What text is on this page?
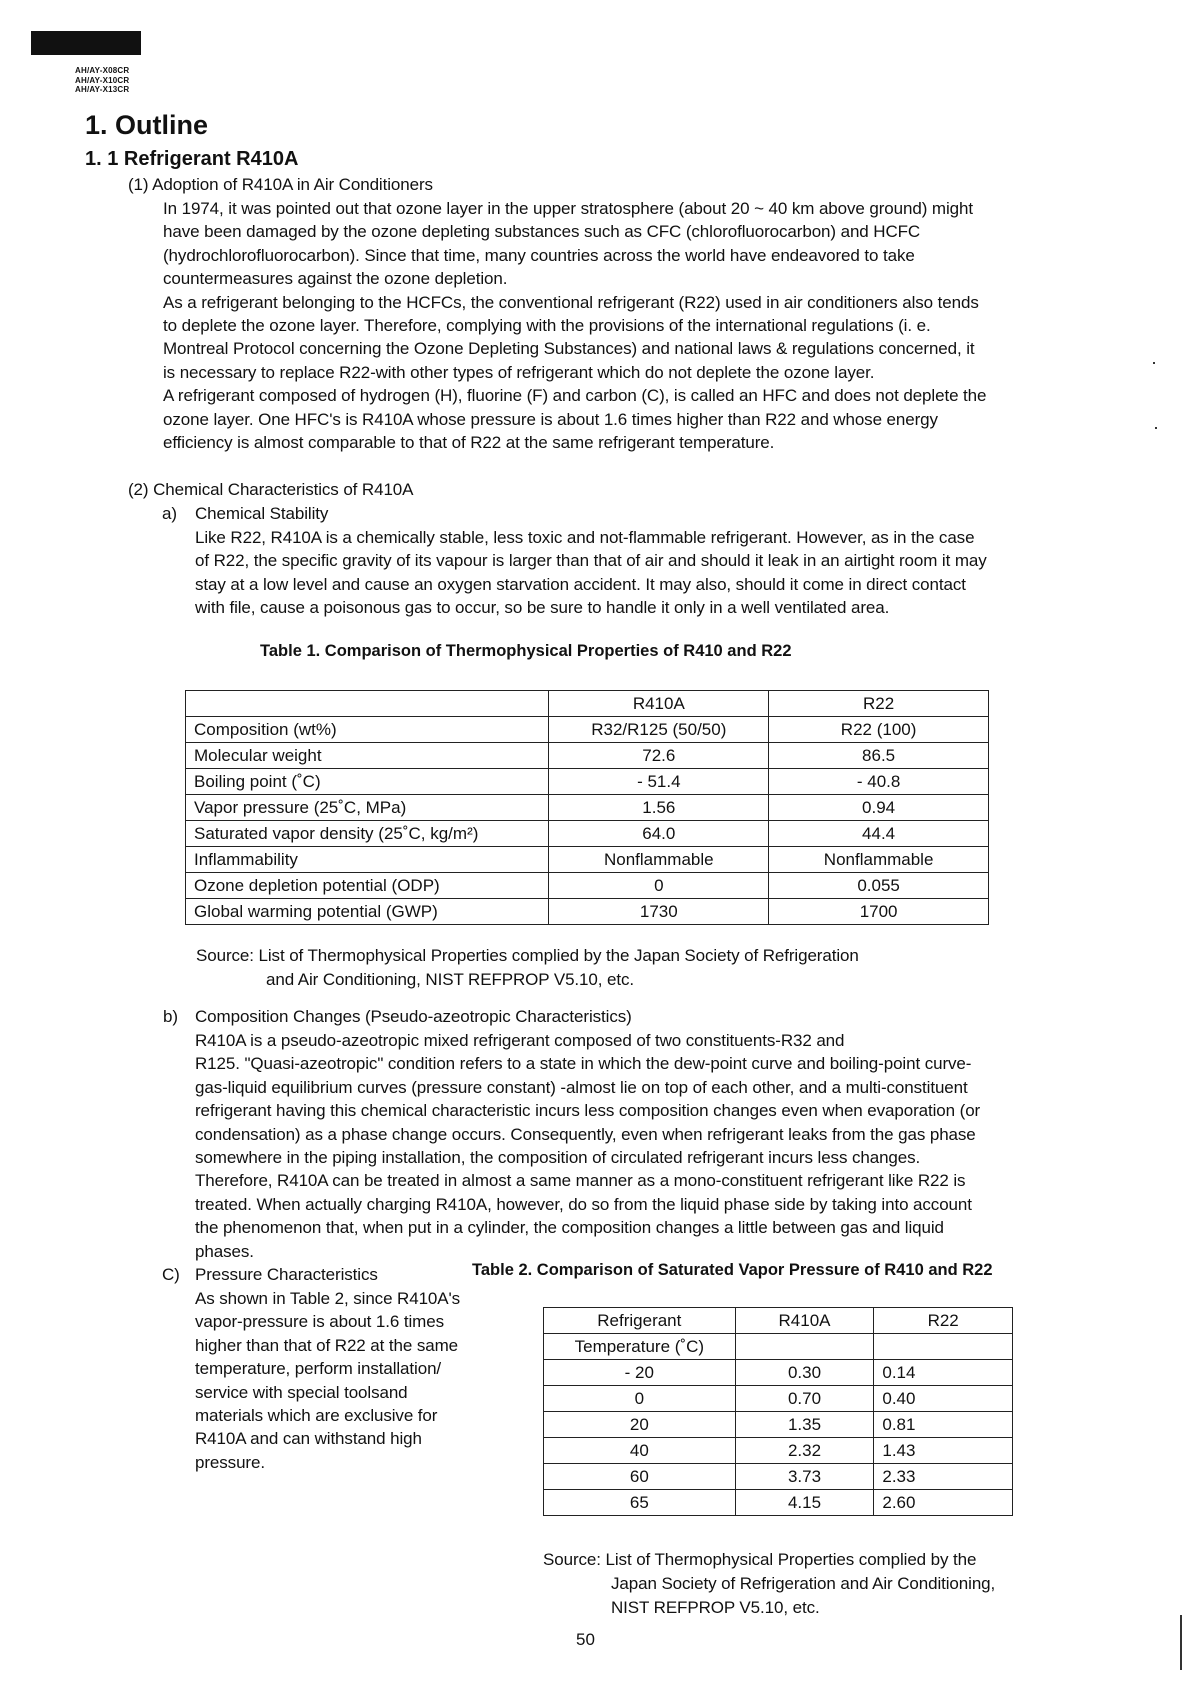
AH/AY-X08CR
AH/AY-X10CR
AH/AY-X13CR
1. Outline
1. 1 Refrigerant R410A
(1) Adoption of R410A in Air Conditioners
In 1974, it was pointed out that ozone layer in the upper stratosphere (about 20 ~ 40 km above ground) might
have been damaged by the ozone depleting substances such as CFC (chlorofluorocarbon) and HCFC
(hydrochlorofluorocarbon). Since that time, many countries across the world have endeavored to take
countermeasures against the ozone depletion.
As a refrigerant belonging to the HCFCs, the conventional refrigerant (R22) used in air conditioners also tends
to deplete the ozone layer. Therefore, complying with the provisions of the international regulations (i. e.
Montreal Protocol concerning the Ozone Depleting Substances) and national laws & regulations concerned, it
is necessary to replace R22-with other types of refrigerant which do not deplete the ozone layer.
A refrigerant composed of hydrogen (H), fluorine (F) and carbon (C), is called an HFC and does not deplete the
ozone layer. One HFC's is R410A whose pressure is about 1.6 times higher than R22 and whose energy
efficiency is almost comparable to that of R22 at the same refrigerant temperature.
(2) Chemical Characteristics of R410A
a) Chemical Stability
Like R22, R410A is a chemically stable, less toxic and not-flammable refrigerant. However, as in the case
of R22, the specific gravity of its vapour is larger than that of air and should it leak in an airtight room it may
stay at a low level and cause an oxygen starvation accident. It may also, should it come in direct contact
with file, cause a poisonous gas to occur, so be sure to handle it only in a well ventilated area.
Table 1. Comparison of Thermophysical Properties of R410 and R22
	R410A	R22
Composition (wt%)	R32/R125 (50/50)	R22 (100)
Molecular weight	72.6	86.5
Boiling point (˚C)	- 51.4	- 40.8
Vapor pressure (25˚C, MPa)	1.56	0.94
Saturated vapor density (25˚C, kg/m²)	64.0	44.4
Inflammability	Nonflammable	Nonflammable
Ozone depletion potential (ODP)	0	0.055
Global warming potential (GWP)	1730	1700
Source: List of Thermophysical Properties complied by the Japan Society of Refrigeration
and Air Conditioning, NIST REFPROP V5.10, etc.
b) Composition Changes (Pseudo-azeotropic Characteristics)
R410A is a pseudo-azeotropic mixed refrigerant composed of two constituents-R32 and
R125. "Quasi-azeotropic" condition refers to a state in which the dew-point curve and boiling-point curve-
gas-liquid equilibrium curves (pressure constant) -almost lie on top of each other, and a multi-constituent
refrigerant having this chemical characteristic incurs less composition changes even when evaporation (or
condensation) as a phase change occurs. Consequently, even when refrigerant leaks from the gas phase
somewhere in the piping installation, the composition of circulated refrigerant incurs less changes.
Therefore, R410A can be treated in almost a same manner as a mono-constituent refrigerant like R22 is
treated. When actually charging R410A, however, do so from the liquid phase side by taking into account
the phenomenon that, when put in a cylinder, the composition changes a little between gas and liquid
phases.
C) Pressure Characteristics
As shown in Table 2, since R410A's
vapor-pressure is about 1.6 times
higher than that of R22 at the same
temperature, perform installation/
service with special toolsand
materials which are exclusive for
R410A and can withstand high
pressure.
Table 2. Comparison of Saturated Vapor Pressure of R410 and R22
Refrigerant	R410A	R22
Temperature (˚C)		
- 20	0.30	0.14
0	0.70	0.40
20	1.35	0.81
40	2.32	1.43
60	3.73	2.33
65	4.15	2.60
Source: List of Thermophysical Properties complied by the
Japan Society of Refrigeration and Air Conditioning,
NIST REFPROP V5.10, etc.
50
